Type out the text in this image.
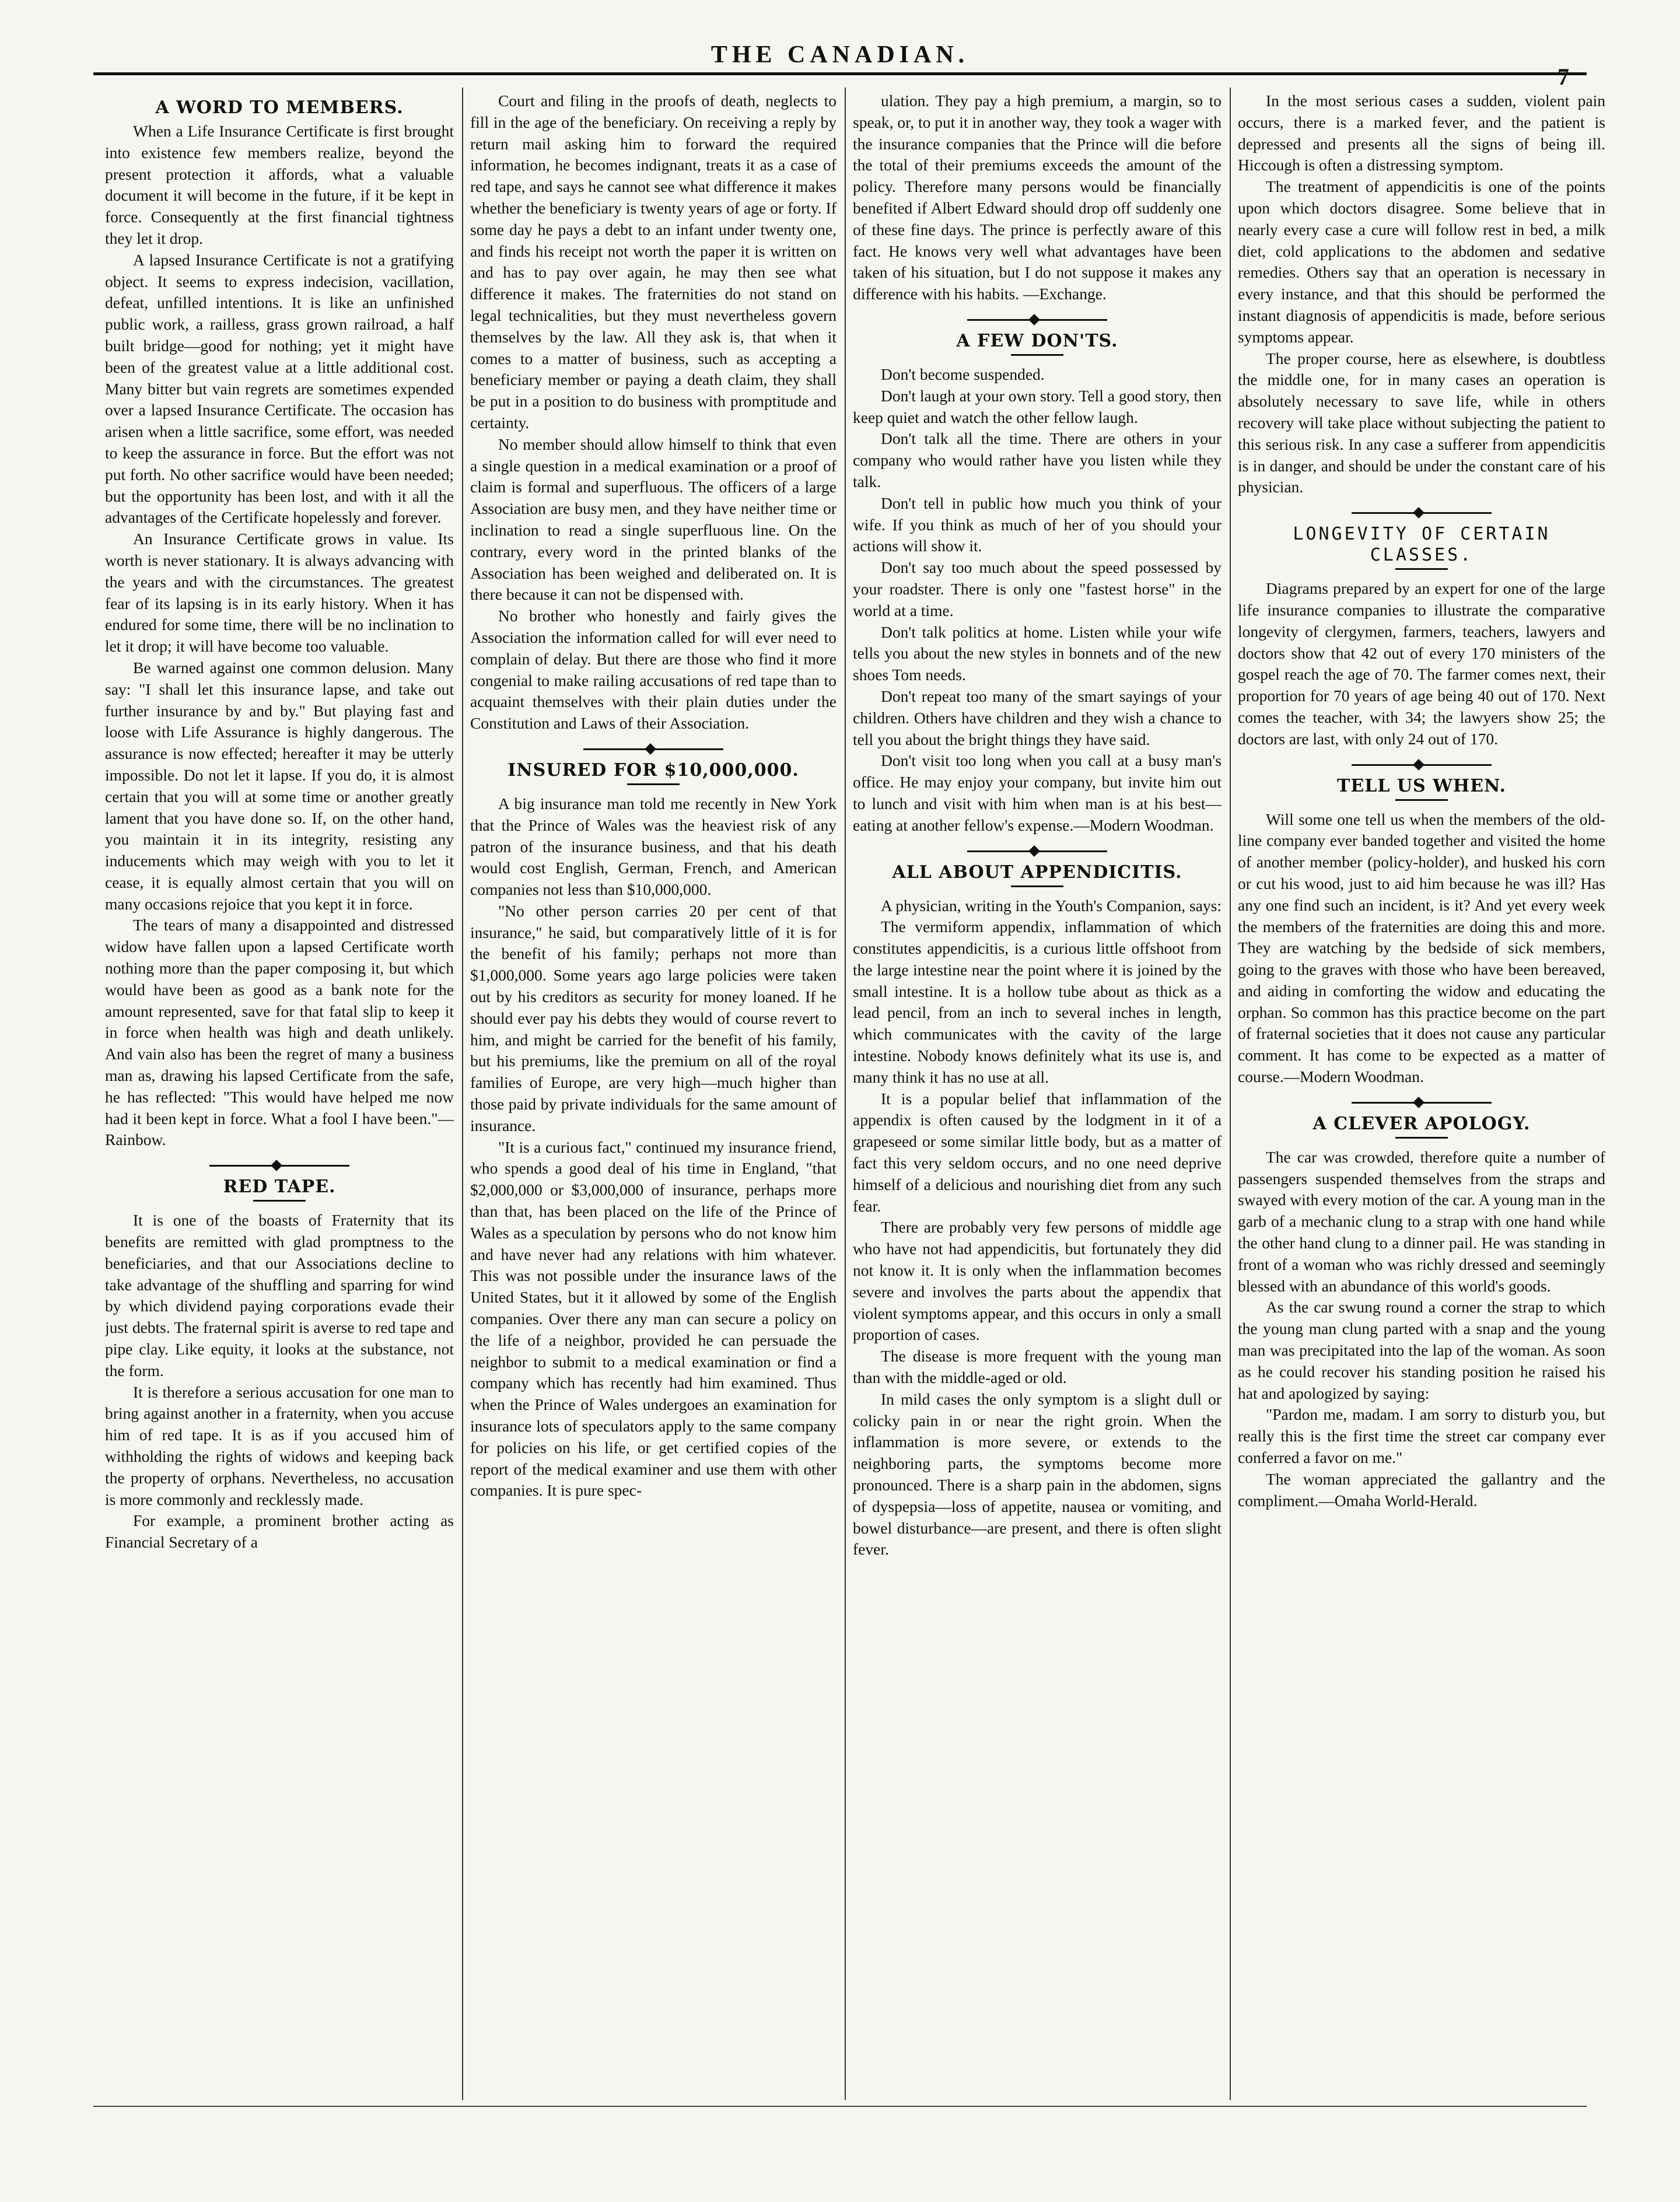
THE CANADIAN.
7
A WORD TO MEMBERS.

When a Life Insurance Certificate is first brought into existence few members realize, beyond the present protection it affords, what a valuable document it will become in the future, if it be kept in force. Consequently at the first financial tightness they let it drop.

A lapsed Insurance Certificate is not a gratifying object. It seems to express indecision, vacillation, defeat, unfilled intentions. It is like an unfinished public work, a railless, grass grown railroad, a half built bridge—good for nothing; yet it might have been of the greatest value at a little additional cost. Many bitter but vain regrets are sometimes expended over a lapsed Insurance Certificate. The occasion has arisen when a little sacrifice, some effort, was needed to keep the assurance in force. But the effort was not put forth. No other sacrifice would have been needed; but the opportunity has been lost, and with it all the advantages of the Certificate hopelessly and forever.

An Insurance Certificate grows in value. Its worth is never stationary. It is always advancing with the years and with the circumstances. The greatest fear of its lapsing is in its early history. When it has endured for some time, there will be no inclination to let it drop; it will have become too valuable.

Be warned against one common delusion. Many say: "I shall let this insurance lapse, and take out further insurance by and by." But playing fast and loose with Life Assurance is highly dangerous. The assurance is now effected; hereafter it may be utterly impossible. Do not let it lapse. If you do, it is almost certain that you will at some time or another greatly lament that you have done so. If, on the other hand, you maintain it in its integrity, resisting any inducements which may weigh with you to let it cease, it is equally almost certain that you will on many occasions rejoice that you kept it in force.

The tears of many a disappointed and distressed widow have fallen upon a lapsed Certificate worth nothing more than the paper composing it, but which would have been as good as a bank note for the amount represented, save for that fatal slip to keep it in force when health was high and death unlikely. And vain also has been the regret of many a business man as, drawing his lapsed Certificate from the safe, he has reflected: "This would have helped me now had it been kept in force. What a fool I have been."—Rainbow.

RED TAPE.

It is one of the boasts of Fraternity that its benefits are remitted with glad promptness to the beneficiaries, and that our Associations decline to take advantage of the shuffling and sparring for wind by which dividend paying corporations evade their just debts. The fraternal spirit is averse to red tape and pipe clay. Like equity, it looks at the substance, not the form.

It is therefore a serious accusation for one man to bring against another in a fraternity, when you accuse him of red tape. It is as if you accused him of withholding the rights of widows and keeping back the property of orphans. Nevertheless, no accusation is more commonly and recklessly made.

For example, a prominent brother acting as Financial Secretary of a

Court and filing in the proofs of death, neglects to fill in the age of the beneficiary. On receiving a reply by return mail asking him to forward the required information, he becomes indignant, treats it as a case of red tape, and says he cannot see what difference it makes whether the beneficiary is twenty years of age or forty. If some day he pays a debt to an infant under twenty one, and finds his receipt not worth the paper it is written on and has to pay over again, he may then see what difference it makes. The fraternities do not stand on legal technicalities, but they must nevertheless govern themselves by the law. All they ask is, that when it comes to a matter of business, such as accepting a beneficiary member or paying a death claim, they shall be put in a position to do business with promptitude and certainty.

No member should allow himself to think that even a single question in a medical examination or a proof of claim is formal and superfluous. The officers of a large Association are busy men, and they have neither time or inclination to read a single superfluous line. On the contrary, every word in the printed blanks of the Association has been weighed and deliberated on. It is there because it can not be dispensed with.

No brother who honestly and fairly gives the Association the information called for will ever need to complain of delay. But there are those who find it more congenial to make railing accusations of red tape than to acquaint themselves with their plain duties under the Constitution and Laws of their Association.

INSURED FOR $10,000,000.

A big insurance man told me recently in New York that the Prince of Wales was the heaviest risk of any patron of the insurance business, and that his death would cost English, German, French, and American companies not less than $10,000,000.

"No other person carries 20 per cent of that insurance," he said, but comparatively little of it is for the benefit of his family; perhaps not more than $1,000,000. Some years ago large policies were taken out by his creditors as security for money loaned. If he should ever pay his debts they would of course revert to him, and might be carried for the benefit of his family, but his premiums, like the premium on all of the royal families of Europe, are very high—much higher than those paid by private individuals for the same amount of insurance.

"It is a curious fact," continued my insurance friend, who spends a good deal of his time in England, "that $2,000,000 or $3,000,000 of insurance, perhaps more than that, has been placed on the life of the Prince of Wales as a speculation by persons who do not know him and have never had any relations with him whatever. This was not possible under the insurance laws of the United States, but it it allowed by some of the English companies. Over there any man can secure a policy on the life of a neighbor, provided he can persuade the neighbor to submit to a medical examination or find a company which has recently had him examined. Thus when the Prince of Wales undergoes an examination for insurance lots of speculators apply to the same company for policies on his life, or get certified copies of the report of the medical examiner and use them with other companies. It is pure spec-

ulation. They pay a high premium, a margin, so to speak, or, to put it in another way, they took a wager with the insurance companies that the Prince will die before the total of their premiums exceeds the amount of the policy. Therefore many persons would be financially benefited if Albert Edward should drop off suddenly one of these fine days. The prince is perfectly aware of this fact. He knows very well what advantages have been taken of his situation, but I do not suppose it makes any difference with his habits. —Exchange.

A FEW DON'TS.

Don't become suspended.

Don't laugh at your own story. Tell a good story, then keep quiet and watch the other fellow laugh.

Don't talk all the time. There are others in your company who would rather have you listen while they talk.

Don't tell in public how much you think of your wife. If you think as much of her of you should your actions will show it.

Don't say too much about the speed possessed by your roadster. There is only one "fastest horse" in the world at a time.

Don't talk politics at home. Listen while your wife tells you about the new styles in bonnets and of the new shoes Tom needs.

Don't repeat too many of the smart sayings of your children. Others have children and they wish a chance to tell you about the bright things they have said.

Don't visit too long when you call at a busy man's office. He may enjoy your company, but invite him out to lunch and visit with him when man is at his best—eating at another fellow's expense.—Modern Woodman.

ALL ABOUT APPENDICITIS.

A physician, writing in the Youth's Companion, says:

The vermiform appendix, inflammation of which constitutes appendicitis, is a curious little offshoot from the large intestine near the point where it is joined by the small intestine. It is a hollow tube about as thick as a lead pencil, from an inch to several inches in length, which communicates with the cavity of the large intestine. Nobody knows definitely what its use is, and many think it has no use at all.

It is a popular belief that inflammation of the appendix is often caused by the lodgment in it of a grapeseed or some similar little body, but as a matter of fact this very seldom occurs, and no one need deprive himself of a delicious and nourishing diet from any such fear.

There are probably very few persons of middle age who have not had appendicitis, but fortunately they did not know it. It is only when the inflammation becomes severe and involves the parts about the appendix that violent symptoms appear, and this occurs in only a small proportion of cases.

The disease is more frequent with the young man than with the middle-aged or old.

In mild cases the only symptom is a slight dull or colicky pain in or near the right groin. When the inflammation is more severe, or extends to the neighboring parts, the symptoms become more pronounced. There is a sharp pain in the abdomen, signs of dyspepsia—loss of appetite, nausea or vomiting, and bowel disturbance—are present, and there is often slight fever.

In the most serious cases a sudden, violent pain occurs, there is a marked fever, and the patient is depressed and presents all the signs of being ill. Hiccough is often a distressing symptom.

The treatment of appendicitis is one of the points upon which doctors disagree. Some believe that in nearly every case a cure will follow rest in bed, a milk diet, cold applications to the abdomen and sedative remedies. Others say that an operation is necessary in every instance, and that this should be performed the instant diagnosis of appendicitis is made, before serious symptoms appear.

The proper course, here as elsewhere, is doubtless the middle one, for in many cases an operation is absolutely necessary to save life, while in others recovery will take place without subjecting the patient to this serious risk. In any case a sufferer from appendicitis is in danger, and should be under the constant care of his physician.

LONGEVITY OF CERTAIN CLASSES.

Diagrams prepared by an expert for one of the large life insurance companies to illustrate the comparative longevity of clergymen, farmers, teachers, lawyers and doctors show that 42 out of every 170 ministers of the gospel reach the age of 70. The farmer comes next, their proportion for 70 years of age being 40 out of 170. Next comes the teacher, with 34; the lawyers show 25; the doctors are last, with only 24 out of 170.

TELL US WHEN.

Will some one tell us when the members of the old-line company ever banded together and visited the home of another member (policy-holder), and husked his corn or cut his wood, just to aid him because he was ill? Has any one find such an incident, is it? And yet every week the members of the fraternities are doing this and more. They are watching by the bedside of sick members, going to the graves with those who have been bereaved, and aiding in comforting the widow and educating the orphan. So common has this practice become on the part of fraternal societies that it does not cause any particular comment. It has come to be expected as a matter of course.—Modern Woodman.

A CLEVER APOLOGY.

The car was crowded, therefore quite a number of passengers suspended themselves from the straps and swayed with every motion of the car. A young man in the garb of a mechanic clung to a strap with one hand while the other hand clung to a dinner pail. He was standing in front of a woman who was richly dressed and seemingly blessed with an abundance of this world's goods.

As the car swung round a corner the strap to which the young man clung parted with a snap and the young man was precipitated into the lap of the woman. As soon as he could recover his standing position he raised his hat and apologized by saying:

"Pardon me, madam. I am sorry to disturb you, but really this is the first time the street car company ever conferred a favor on me."

The woman appreciated the gallantry and the compliment.—Omaha World-Herald.
